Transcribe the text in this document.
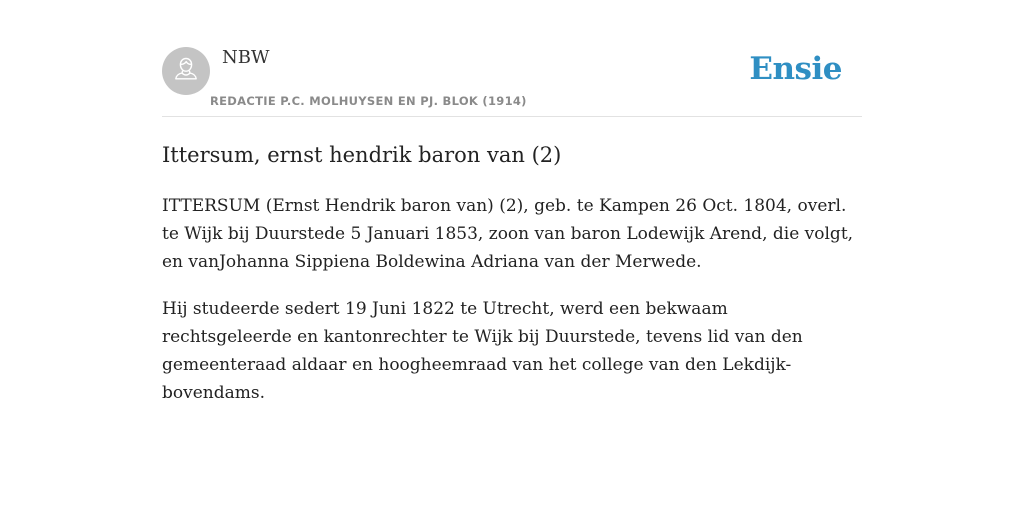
NBW
REDACTIE P.C. MOLHUYSEN EN PJ. BLOK (1914)
Ensie
Ittersum, ernst hendrik baron van (2)

ITTERSUM (Ernst Hendrik baron van) (2), geb. te Kampen 26 Oct. 1804, overl. te Wijk bij Duurstede 5 Januari 1853, zoon van baron Lodewijk Arend, die volgt, en vanJohanna Sippiena Boldewina Adriana van der Merwede.

Hij studeerde sedert 19 Juni 1822 te Utrecht, werd een bekwaam rechtsgeleerde en kantonrechter te Wijk bij Duurstede, tevens lid van den gemeenteraad aldaar en hoogheemraad van het college van den Lekdijk-bovendams.
